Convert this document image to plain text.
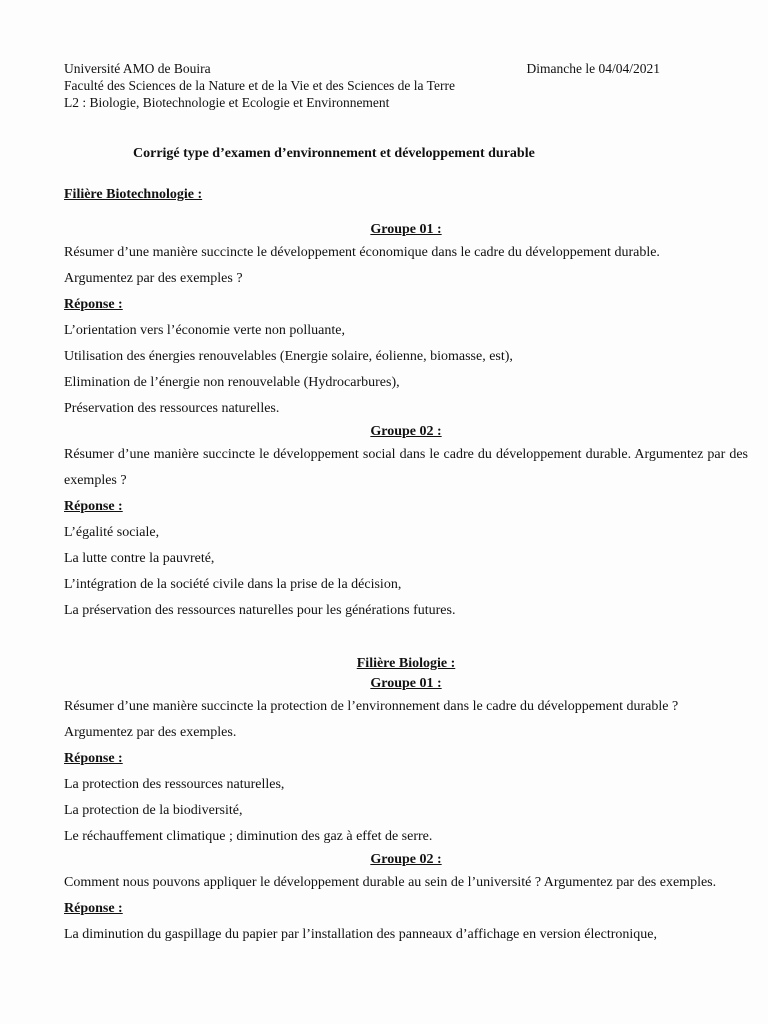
Université AMO de Bouira	Dimanche le 04/04/2021
Faculté des Sciences de la Nature et de la Vie et des Sciences de la Terre
L2 : Biologie, Biotechnologie et Ecologie et Environnement
Corrigé type d’examen d’environnement et développement durable
Filière Biotechnologie :
Groupe 01 :
Résumer d’une manière succincte le développement économique dans le cadre du développement durable. Argumentez par des exemples ?
Réponse :
L’orientation vers l’économie verte non polluante,
Utilisation des énergies renouvelables (Energie solaire, éolienne, biomasse, est),
Elimination de l’énergie non renouvelable (Hydrocarbures),
Préservation des ressources naturelles.
Groupe 02 :
Résumer d’une manière succincte le développement social dans le cadre du développement durable. Argumentez par des exemples ?
Réponse :
L’égalité sociale,
La lutte contre la pauvreté,
L’intégration de la société civile dans la prise de la décision,
La préservation des ressources naturelles pour les générations futures.
Filière Biologie :
Groupe 01 :
Résumer d’une manière succincte la protection de l’environnement dans le cadre du développement durable ? Argumentez par des exemples.
Réponse :
La protection des ressources naturelles,
La protection de la biodiversité,
Le réchauffement climatique ; diminution des gaz à effet de serre.
Groupe 02 :
Comment nous pouvons appliquer le développement durable au sein de l’université ? Argumentez par des exemples.
Réponse :
La diminution du gaspillage du papier par l’installation des panneaux d’affichage en version électronique,
